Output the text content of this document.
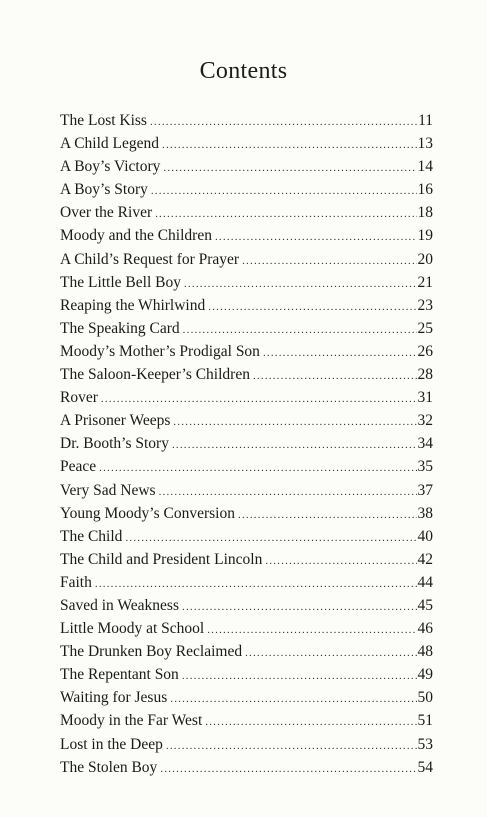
Contents
The Lost Kiss .....	11
A Child Legend .....	13
A Boy’s Victory .....	14
A Boy’s Story .....	16
Over the River .....	18
Moody and the Children .....	19
A Child’s Request for Prayer .....	20
The Little Bell Boy .....	21
Reaping the Whirlwind .....	23
The Speaking Card .....	25
Moody’s Mother’s Prodigal Son .....	26
The Saloon-Keeper’s Children .....	28
Rover .....	31
A Prisoner Weeps .....	32
Dr. Booth’s Story .....	34
Peace .....	35
Very Sad News .....	37
Young Moody’s Conversion .....	38
The Child .....	40
The Child and President Lincoln .....	42
Faith .....	44
Saved in Weakness .....	45
Little Moody at School .....	46
The Drunken Boy Reclaimed .....	48
The Repentant Son .....	49
Waiting for Jesus .....	50
Moody in the Far West .....	51
Lost in the Deep .....	53
The Stolen Boy .....	54
